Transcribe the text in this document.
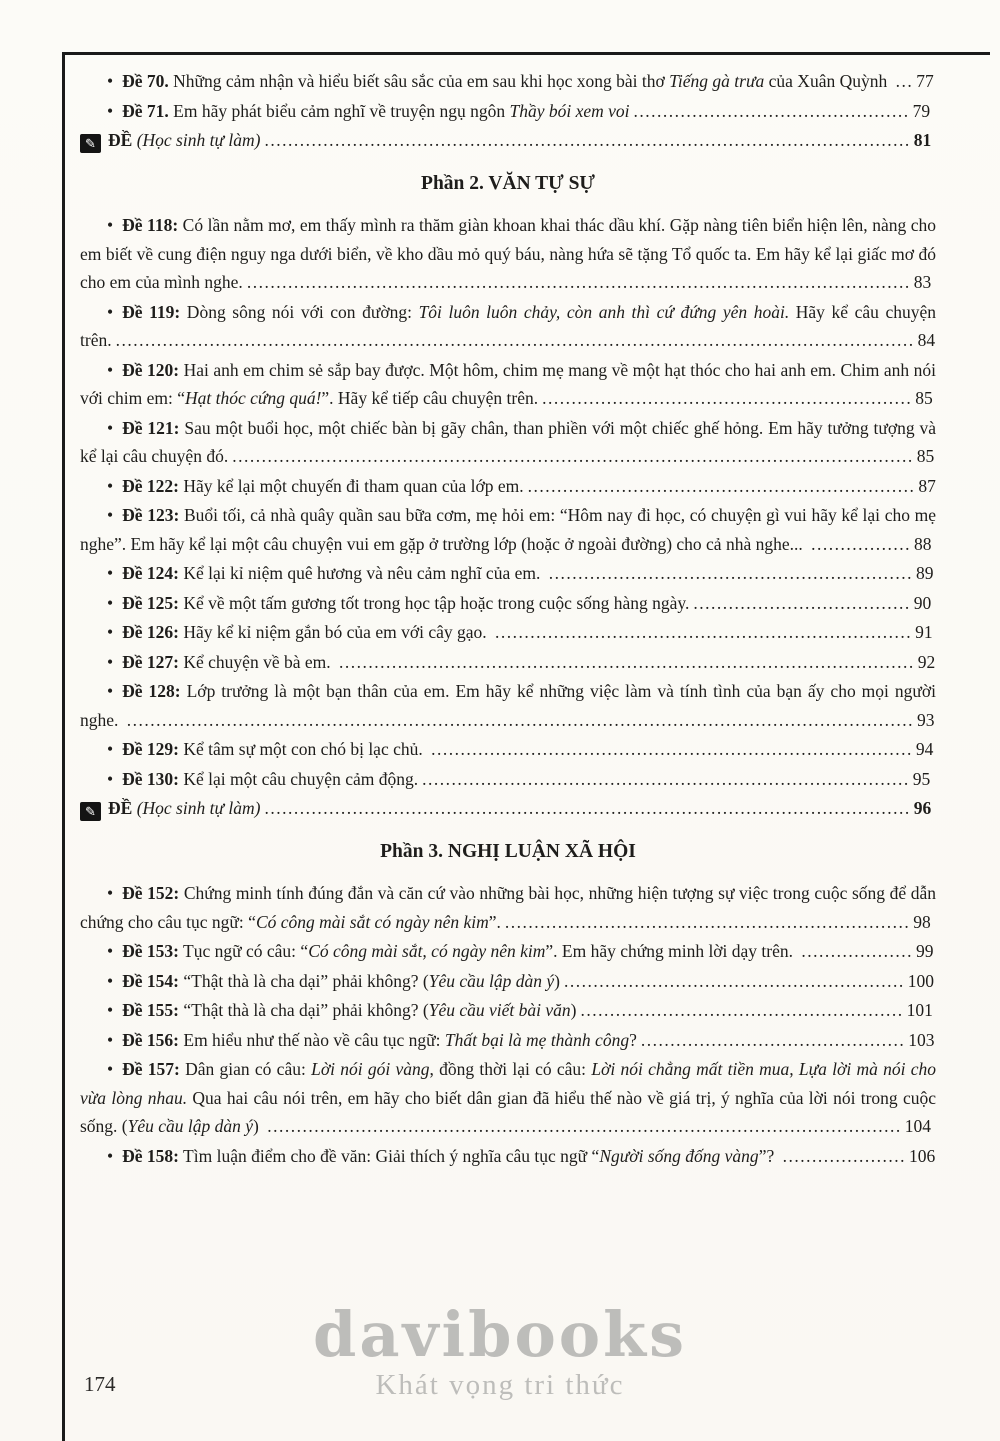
• Đề 70. Những cảm nhận và hiểu biết sâu sắc của em sau khi học xong bài thơ Tiếng gà trưa của Xuân Quỳnh ... 77

• Đề 71. Em hãy phát biểu cảm nghĩ về truyện ngụ ngôn Thầy bói xem voi ............................................... 79

✎ ĐỀ (Học sinh tự làm) .............................................................................................................. 81

Phần 2. VĂN TỰ SỰ

• Đề 118: Có lần nằm mơ, em thấy mình ra thăm giàn khoan khai thác dầu khí. Gặp nàng tiên biển hiện lên, nàng cho em biết về cung điện nguy nga dưới biển, về kho dầu mỏ quý báu, nàng hứa sẽ tặng Tổ quốc ta. Em hãy kể lại giấc mơ đó cho em của mình nghe. ................................................................................................................. 83

• Đề 119: Dòng sông nói với con đường: Tôi luôn luôn chảy, còn anh thì cứ đứng yên hoài. Hãy kể câu chuyện trên. ........................................................................................................................................ 84

• Đề 120: Hai anh em chim sẻ sắp bay được. Một hôm, chim mẹ mang về một hạt thóc cho hai anh em. Chim anh nói với chim em: “Hạt thóc cứng quá!”. Hãy kể tiếp câu chuyện trên. ............................................................... 85

• Đề 121: Sau một buổi học, một chiếc bàn bị gãy chân, than phiền với một chiếc ghế hỏng. Em hãy tưởng tượng và kể lại câu chuyện đó. .................................................................................................................... 85

• Đề 122: Hãy kể lại một chuyến đi tham quan của lớp em. .................................................................. 87

• Đề 123: Buổi tối, cả nhà quây quần sau bữa cơm, mẹ hỏi em: “Hôm nay đi học, có chuyện gì vui hãy kể lại cho mẹ nghe”. Em hãy kể lại một câu chuyện vui em gặp ở trường lớp (hoặc ở ngoài đường) cho cả nhà nghe... ................. 88

• Đề 124: Kể lại kỉ niệm quê hương và nêu cảm nghĩ của em. .............................................................. 89

• Đề 125: Kể về một tấm gương tốt trong học tập hoặc trong cuộc sống hàng ngày. ..................................... 90

• Đề 126: Hãy kể kỉ niệm gắn bó của em với cây gạo. ....................................................................... 91

• Đề 127: Kể chuyện về bà em. .................................................................................................. 92

• Đề 128: Lớp trưởng là một bạn thân của em. Em hãy kể những việc làm và tính tình của bạn ấy cho mọi người nghe. ...................................................................................................................................... 93

• Đề 129: Kể tâm sự một con chó bị lạc chủ. .................................................................................. 94

• Đề 130: Kể lại một câu chuyện cảm động. ................................................................................... 95

✎ ĐỀ (Học sinh tự làm) .............................................................................................................. 96

Phần 3. NGHỊ LUẬN XÃ HỘI

• Đề 152: Chứng minh tính đúng đắn và căn cứ vào những bài học, những hiện tượng sự việc trong cuộc sống để dẫn chứng cho câu tục ngữ: “Có công mài sắt có ngày nên kim”. ..................................................................... 98

• Đề 153: Tục ngữ có câu: “Có công mài sắt, có ngày nên kim”. Em hãy chứng minh lời dạy trên. ................... 99

• Đề 154: “Thật thà là cha dại” phải không? (Yêu cầu lập dàn ý) .......................................................... 100

• Đề 155: “Thật thà là cha dại” phải không? (Yêu cầu viết bài văn) ....................................................... 101

• Đề 156: Em hiểu như thế nào về câu tục ngữ: Thất bại là mẹ thành công? ............................................. 103

• Đề 157: Dân gian có câu: Lời nói gói vàng, đồng thời lại có câu: Lời nói chẳng mất tiền mua, Lựa lời mà nói cho vừa lòng nhau. Qua hai câu nói trên, em hãy cho biết dân gian đã hiểu thế nào về giá trị, ý nghĩa của lời nói trong cuộc sống. (Yêu cầu lập dàn ý) ............................................................................................................ 104

• Đề 158: Tìm luận điểm cho đề văn: Giải thích ý nghĩa câu tục ngữ “Người sống đống vàng”? ..................... 106

davibooks
Khát vọng tri thức
174
